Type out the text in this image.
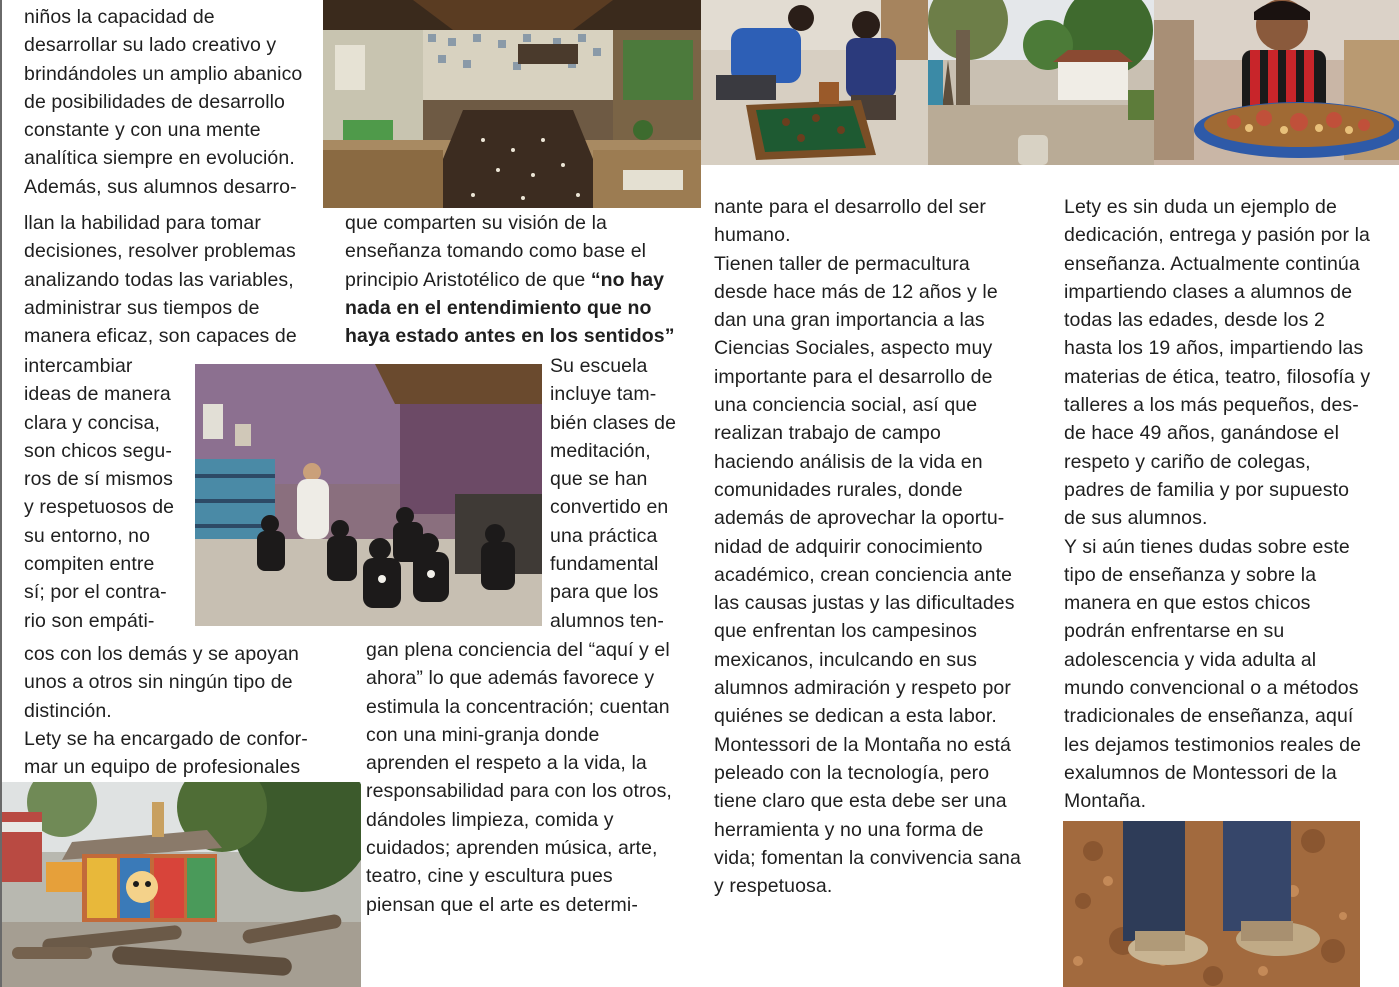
niños la capacidad de
desarrollar su lado creativo y
brindándoles un amplio abanico
de posibilidades de desarrollo
constante y con una mente
analítica siempre en evolución.
Además, sus alumnos desarro-

llan la habilidad para tomar
decisiones, resolver problemas
analizando todas las variables,
administrar sus tiempos de
manera eficaz, son capaces de

intercambiar
ideas de manera
clara y concisa,
son chicos segu-
ros de sí mismos
y respetuosos de
su entorno, no
compiten entre
sí; por el contra-
rio son empáti-

cos con los demás y se apoyan
unos a otros sin ningún tipo de
distinción.
Lety se ha encargado de confor-
mar un equipo de profesionales

que comparten su visión de la
enseñanza tomando como base el
principio Aristotélico de que “no hay
nada en el entendimiento que no
haya estado antes en los sentidos”

Su escuela
incluye tam-
bién clases de
meditación,
que se han
convertido en
una práctica
fundamental
para que los
alumnos ten-

gan plena conciencia del “aquí y el
ahora” lo que además favorece y
estimula la concentración; cuentan
con una mini-granja donde
aprenden el respeto a la vida, la
responsabilidad para con los otros,
dándoles limpieza, comida y
cuidados; aprenden música, arte,
teatro, cine y escultura pues
piensan que el arte es determi-

nante para el desarrollo del ser
humano.
Tienen taller de permacultura
desde hace más de 12 años y le
dan una gran importancia a las
Ciencias Sociales, aspecto muy
importante para el desarrollo de
una conciencia social, así que
realizan trabajo de campo
haciendo análisis de la vida en
comunidades rurales, donde
además de aprovechar la oportu-
nidad de adquirir conocimiento
académico, crean conciencia ante
las causas justas y las dificultades
que enfrentan los campesinos
mexicanos, inculcando en sus
alumnos admiración y respeto por
quiénes se dedican a esta labor.
Montessori de la Montaña no está
peleado con la tecnología, pero
tiene claro que esta debe ser una
herramienta y no una forma de
vida; fomentan la convivencia sana
y respetuosa.

Lety es sin duda un ejemplo de
dedicación, entrega y pasión por la
enseñanza. Actualmente continúa
impartiendo clases a alumnos de
todas las edades, desde los 2
hasta los 19 años, impartiendo las
materias de ética, teatro, filosofía y
talleres a los más pequeños, des-
de hace 49 años, ganándose el
respeto y cariño de colegas,
padres de familia y por supuesto
de sus alumnos.
Y si aún tienes dudas sobre este
tipo de enseñanza y sobre la
manera en que estos chicos
podrán enfrentarse en su
adolescencia y vida adulta al
mundo convencional o a métodos
tradicionales de enseñanza, aquí
les dejamos testimonios reales de
exalumnos de Montessori de la
Montaña.
